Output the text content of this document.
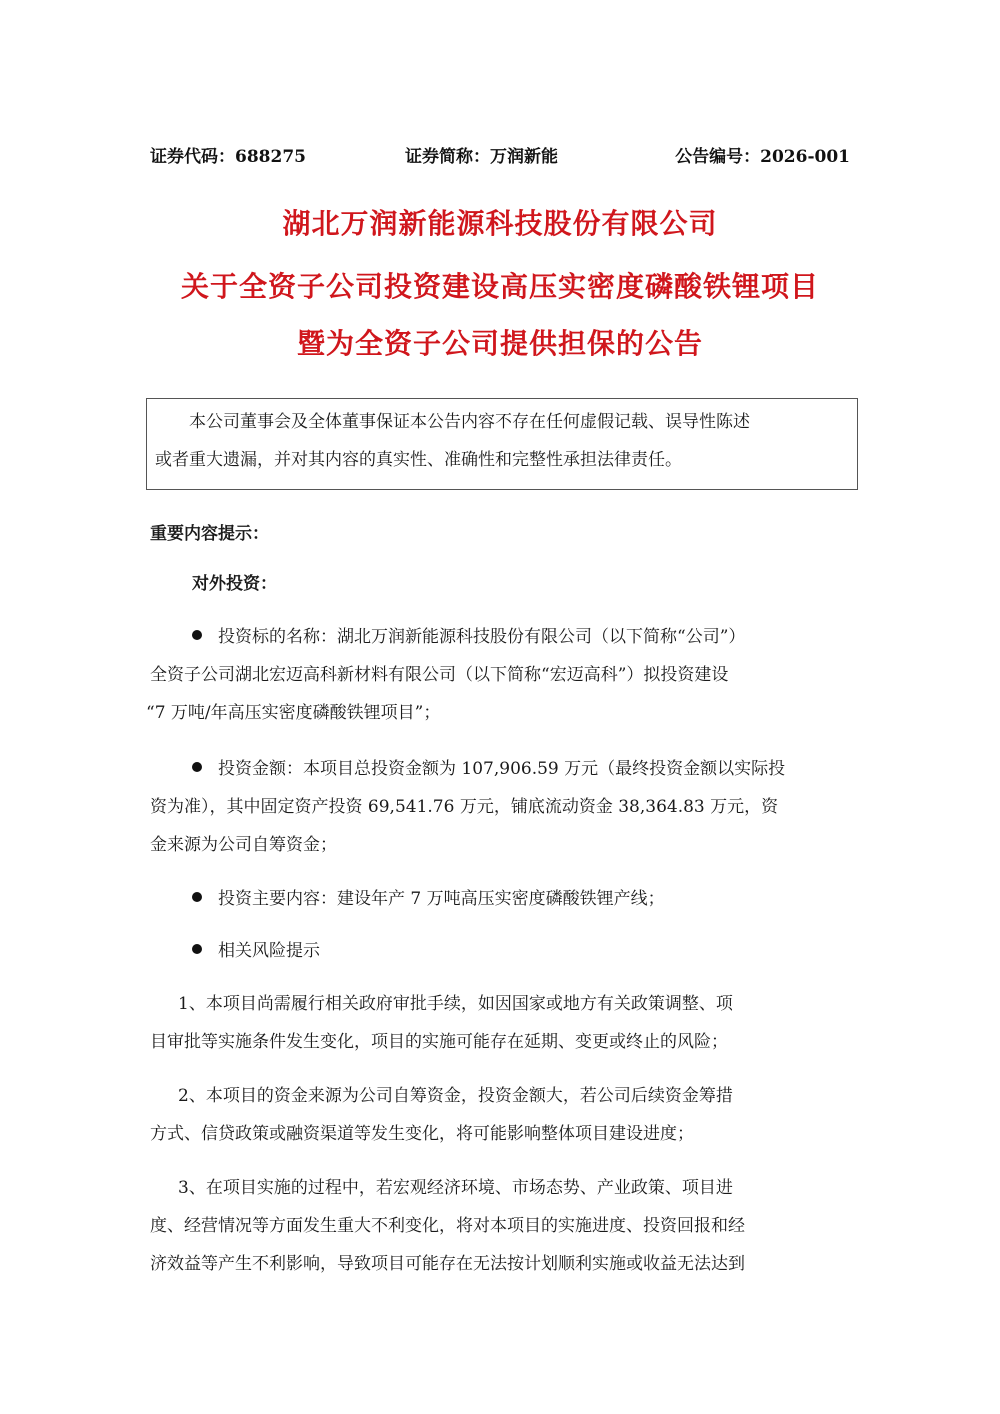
证券代码：688275	证券简称：万润新能	公告编号：2026-001
湖北万润新能源科技股份有限公司
关于全资子公司投资建设高压实密度磷酸铁锂项目
暨为全资子公司提供担保的公告

本公司董事会及全体董事保证本公告内容不存在任何虚假记载、误导性陈述

或者重大遗漏，并对其内容的真实性、准确性和完整性承担法律责任。

重要内容提示：
对外投资：
投资标的名称：湖北万润新能源科技股份有限公司（以下简称“公司”）
全资子公司湖北宏迈高科新材料有限公司（以下简称“宏迈高科”）拟投资建设
“7 万吨/年高压实密度磷酸铁锂项目”；
投资金额：本项目总投资金额为 107,906.59 万元（最终投资金额以实际投
资为准），其中固定资产投资 69,541.76 万元，铺底流动资金 38,364.83 万元，资
金来源为公司自筹资金；
投资主要内容：建设年产 7 万吨高压实密度磷酸铁锂产线；
相关风险提示
1、本项目尚需履行相关政府审批手续，如因国家或地方有关政策调整、项
目审批等实施条件发生变化，项目的实施可能存在延期、变更或终止的风险；
2、本项目的资金来源为公司自筹资金，投资金额大，若公司后续资金筹措
方式、信贷政策或融资渠道等发生变化，将可能影响整体项目建设进度；
3、在项目实施的过程中，若宏观经济环境、市场态势、产业政策、项目进
度、经营情况等方面发生重大不利变化，将对本项目的实施进度、投资回报和经
济效益等产生不利影响，导致项目可能存在无法按计划顺利实施或收益无法达到
